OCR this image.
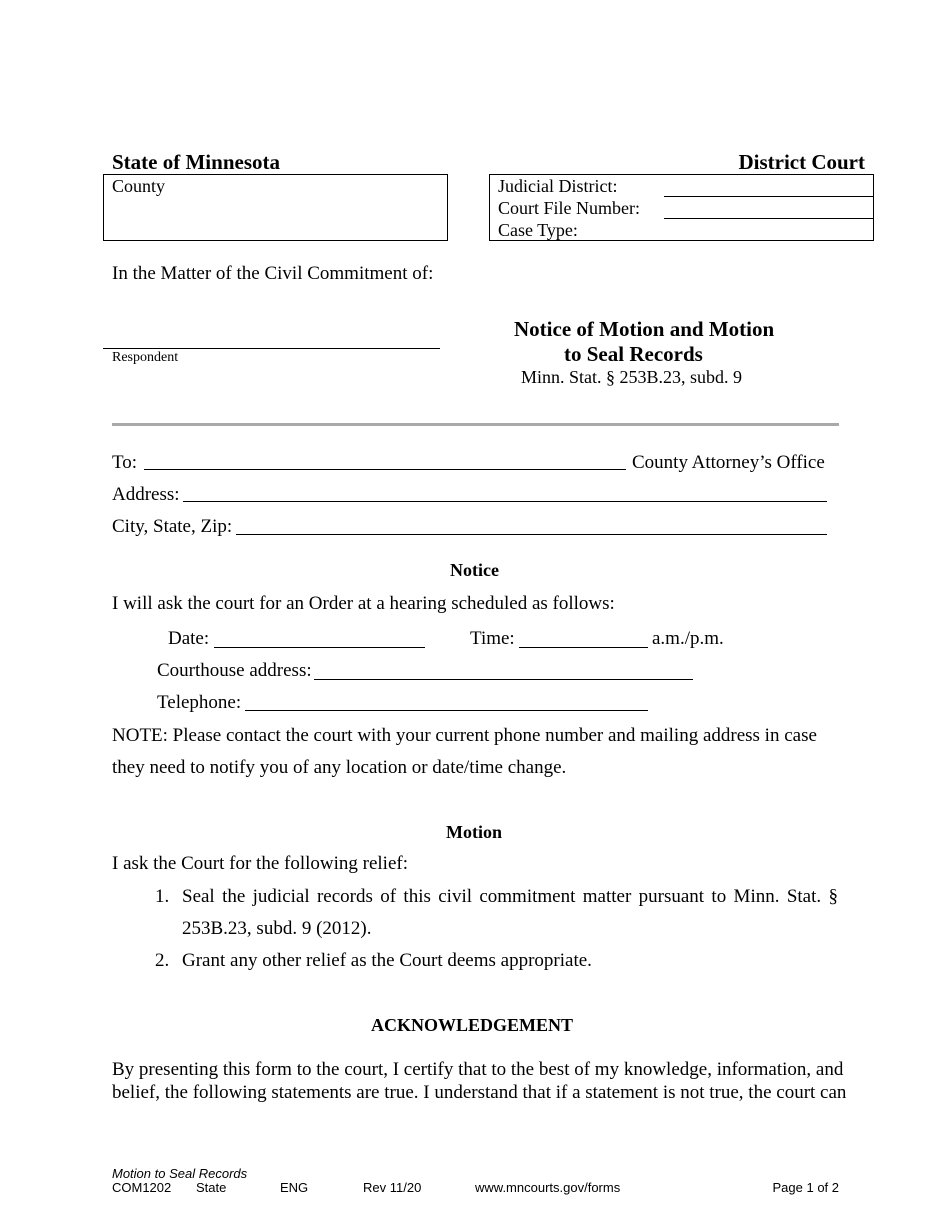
State of Minnesota	District Court
County	Judicial District:
Court File Number:
Case Type:
In the Matter of the Civil Commitment of:
Respondent
Notice of Motion and Motion
to Seal Records
Minn. Stat. § 253B.23, subd. 9
To:	County Attorney’s Office
Address:
City, State, Zip:
Notice
I will ask the court for an Order at a hearing scheduled as follows:
Date:	Time:	a.m./p.m.
Courthouse address:
Telephone:
NOTE: Please contact the court with your current phone number and mailing address in case
they need to notify you of any location or date/time change.
Motion
I ask the Court for the following relief:
1. Seal the judicial records of this civil commitment matter pursuant to Minn. Stat. §
253B.23, subd. 9 (2012).
2. Grant any other relief as the Court deems appropriate.
ACKNOWLEDGEMENT
By presenting this form to the court, I certify that to the best of my knowledge, information, and
belief, the following statements are true. I understand that if a statement is not true, the court can
Motion to Seal Records
COM1202 State	ENG	Rev 11/20	www.mncourts.gov/forms	Page 1 of 2
